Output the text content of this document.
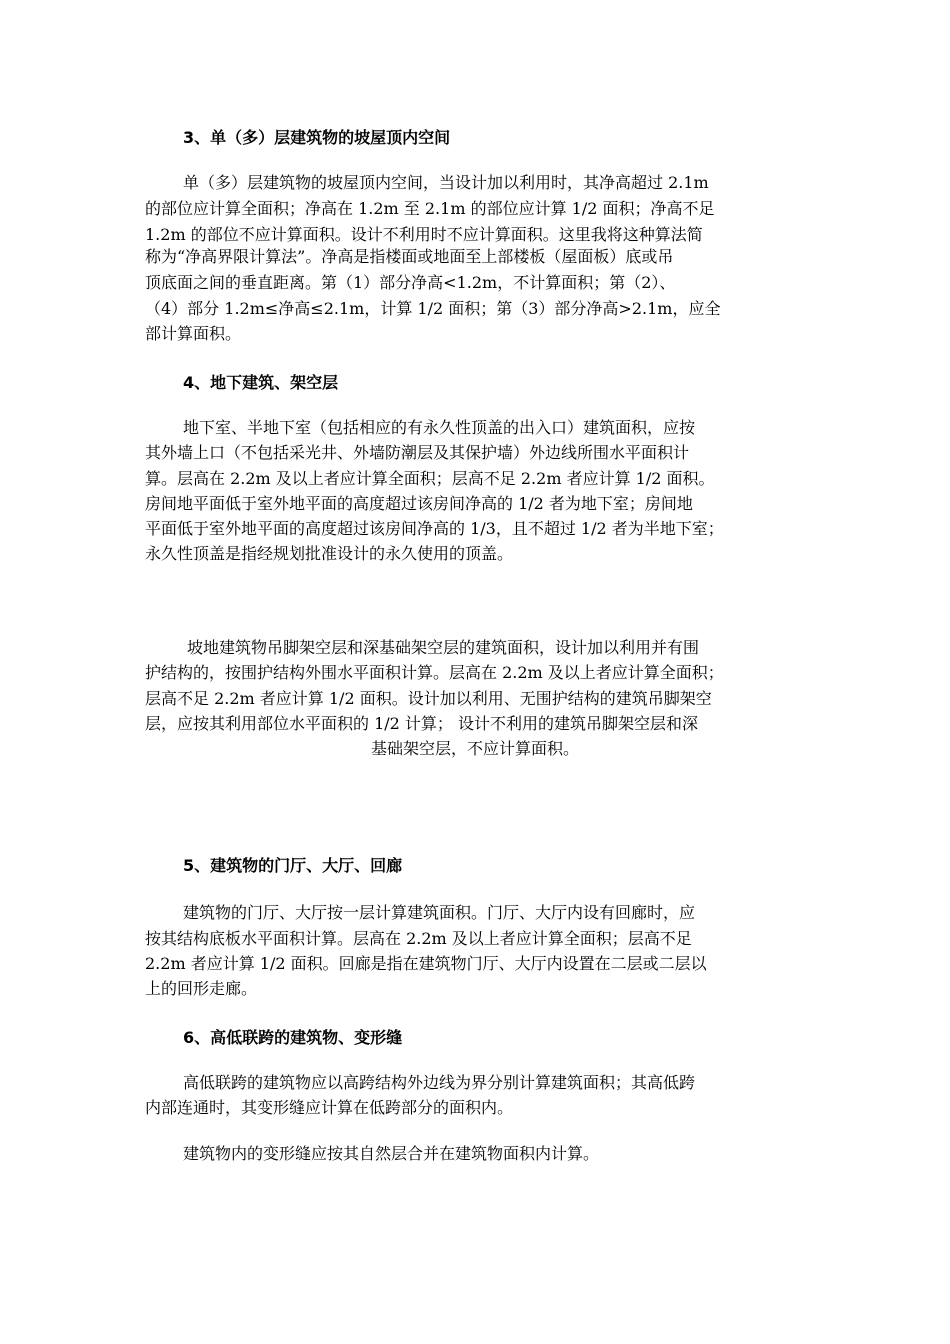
3、单（多）层建筑物的坡屋顶内空间
单（多）层建筑物的坡屋顶内空间，当设计加以利用时，其净高超过 2.1m
的部位应计算全面积；净高在 1.2m 至 2.1m 的部位应计算 1/2 面积；净高不足
1.2m 的部位不应计算面积。设计不利用时不应计算面积。这里我将这种算法简
称为“净高界限计算法”。净高是指楼面或地面至上部楼板（屋面板）底或吊
顶底面之间的垂直距离。第（1）部分净高<1.2m，不计算面积；第（2）、
（4）部分 1.2m≤净高≤2.1m，计算 1/2 面积；第（3）部分净高>2.1m，应全
部计算面积。
4、地下建筑、架空层
地下室、半地下室（包括相应的有永久性顶盖的出入口）建筑面积，应按
其外墙上口（不包括采光井、外墙防潮层及其保护墙）外边线所围水平面积计
算。层高在 2.2m 及以上者应计算全面积；层高不足 2.2m 者应计算 1/2 面积。
房间地平面低于室外地平面的高度超过该房间净高的 1/2 者为地下室；房间地
平面低于室外地平面的高度超过该房间净高的 1/3，且不超过 1/2 者为半地下室；
永久性顶盖是指经规划批准设计的永久使用的顶盖。
坡地建筑物吊脚架空层和深基础架空层的建筑面积，设计加以利用并有围
护结构的，按围护结构外围水平面积计算。层高在 2.2m 及以上者应计算全面积；
层高不足 2.2m 者应计算 1/2 面积。设计加以利用、无围护结构的建筑吊脚架空
层，应按其利用部位水平面积的 1/2 计算； 设计不利用的建筑吊脚架空层和深
基础架空层，不应计算面积。
5、建筑物的门厅、大厅、回廊
建筑物的门厅、大厅按一层计算建筑面积。门厅、大厅内设有回廊时，应
按其结构底板水平面积计算。层高在 2.2m 及以上者应计算全面积；层高不足
2.2m 者应计算 1/2 面积。回廊是指在建筑物门厅、大厅内设置在二层或二层以
上的回形走廊。
6、高低联跨的建筑物、变形缝
高低联跨的建筑物应以高跨结构外边线为界分别计算建筑面积；其高低跨
内部连通时，其变形缝应计算在低跨部分的面积内。
建筑物内的变形缝应按其自然层合并在建筑物面积内计算。
